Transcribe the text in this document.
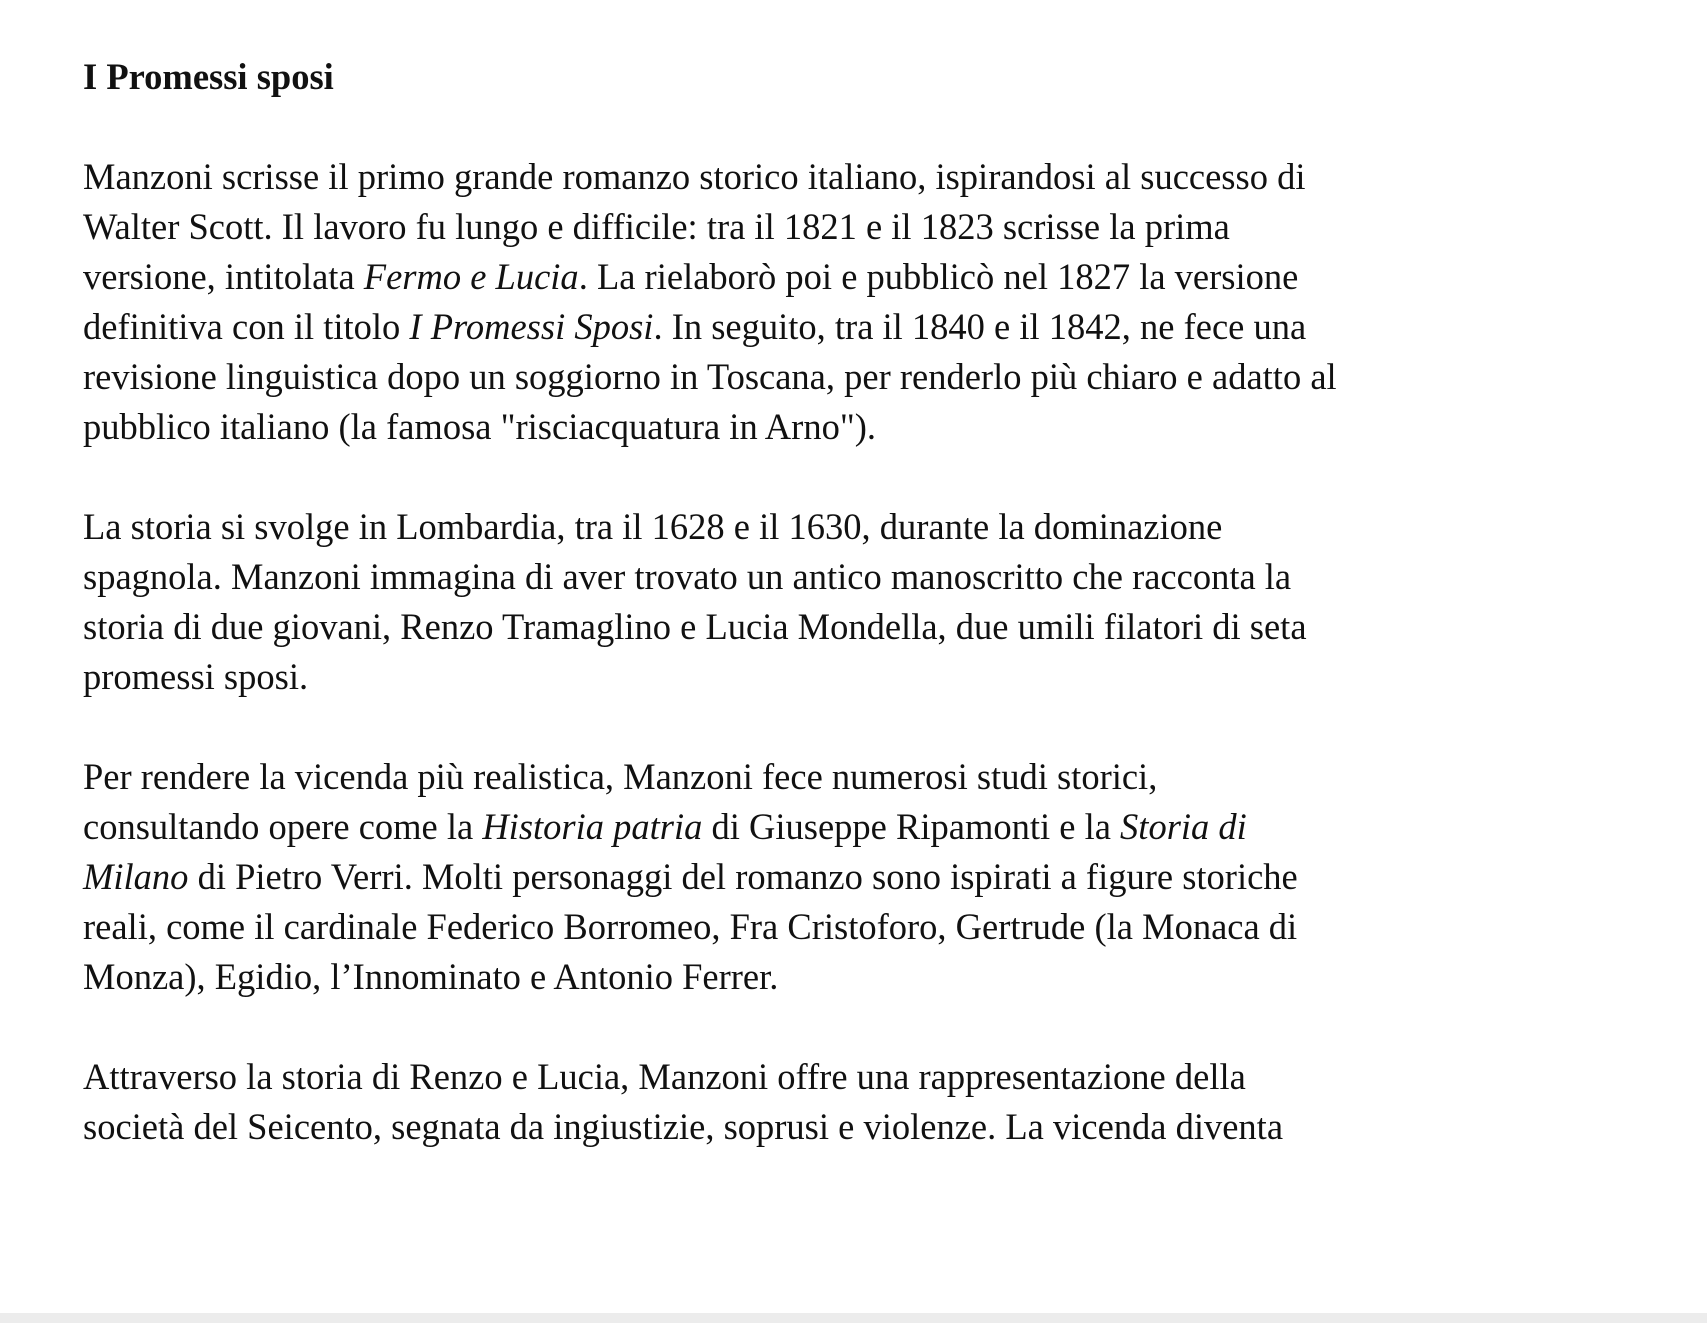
I Promessi sposi
Manzoni scrisse il primo grande romanzo storico italiano, ispirandosi al successo di
Walter Scott. Il lavoro fu lungo e difficile: tra il 1821 e il 1823 scrisse la prima
versione, intitolata Fermo e Lucia. La rielaborò poi e pubblicò nel 1827 la versione
definitiva con il titolo I Promessi Sposi. In seguito, tra il 1840 e il 1842, ne fece una
revisione linguistica dopo un soggiorno in Toscana, per renderlo più chiaro e adatto al
pubblico italiano (la famosa "risciacquatura in Arno").
La storia si svolge in Lombardia, tra il 1628 e il 1630, durante la dominazione
spagnola. Manzoni immagina di aver trovato un antico manoscritto che racconta la
storia di due giovani, Renzo Tramaglino e Lucia Mondella, due umili filatori di seta
promessi sposi.
Per rendere la vicenda più realistica, Manzoni fece numerosi studi storici,
consultando opere come la Historia patria di Giuseppe Ripamonti e la Storia di
Milano di Pietro Verri. Molti personaggi del romanzo sono ispirati a figure storiche
reali, come il cardinale Federico Borromeo, Fra Cristoforo, Gertrude (la Monaca di
Monza), Egidio, l’Innominato e Antonio Ferrer.
Attraverso la storia di Renzo e Lucia, Manzoni offre una rappresentazione della
società del Seicento, segnata da ingiustizie, soprusi e violenze. La vicenda diventa
